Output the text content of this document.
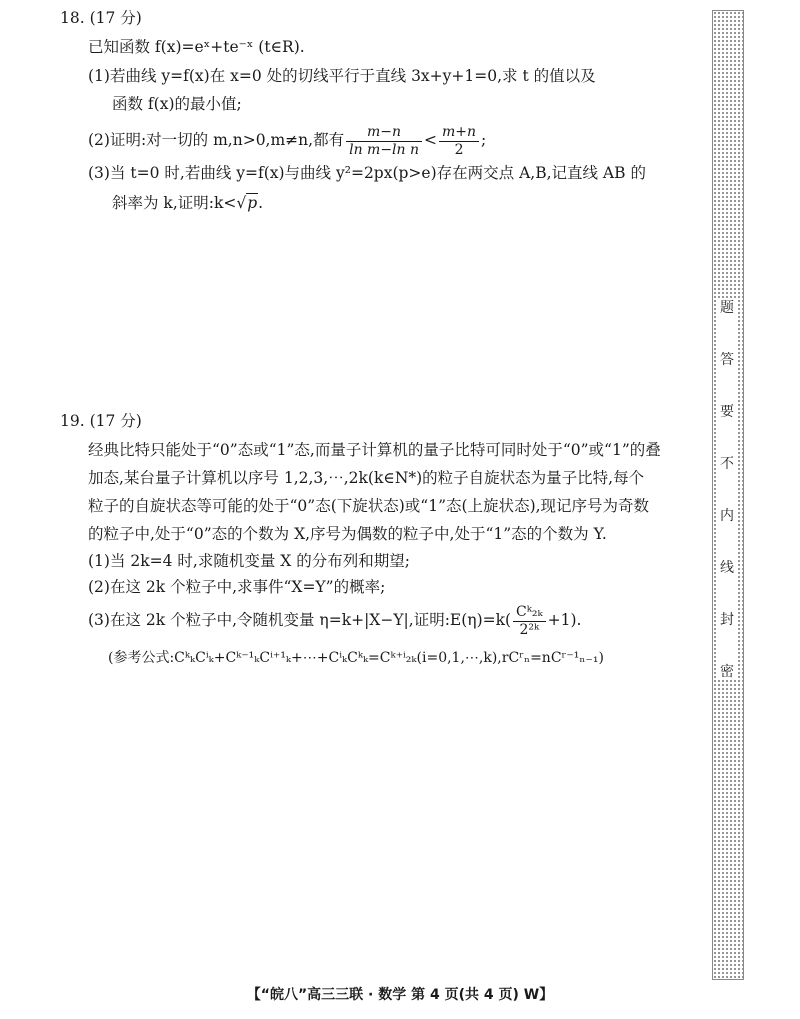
18. (17 分)
已知函数 f(x)=eˣ+te⁻ˣ (t∈R).
(1)若曲线 y=f(x)在 x=0 处的切线平行于直线 3x+y+1=0,求 t 的值以及
函数 f(x)的最小值;
(2)证明:对一切的 m,n>0,m≠n,都有 $\frac{m-n}{\text{ln m−ln n}} < \frac{m+n}{2}$ ;
(3)当 t=0 时,若曲线 y=f(x)与曲线 y²=2px(p>e)存在两交点 A,B,记直线 AB 的
斜率为 k,证明:k<√p.
19. (17 分)
经典比特只能处于“0”态或“1”态,而量子计算机的量子比特可同时处于“0”或“1”的叠
加态,某台量子计算机以序号 1,2,3,⋯,2k(k∈N*)的粒子自旋状态为量子比特,每个
粒子的自旋状态等可能的处于“0”态(下旋状态)或“1”态(上旋状态),现记序号为奇数
的粒子中,处于“0”态的个数为 X,序号为偶数的粒子中,处于“1”态的个数为 Y.
(1)当 2k=4 时,求随机变量 X 的分布列和期望;
(2)在这 2k 个粒子中,求事件“X=Y”的概率;
(3)在这 2k 个粒子中,令随机变量 η=k+|X−Y|,证明:E(η)=k( $\frac{\text{Cᵏ₂ₖ}}{\text{2²ᵏ}} +1$).
(参考公式:CᵏₖCⁱₖ+Cᵏ⁻¹ₖCⁱ⁺¹ₖ+⋯+CⁱₖCᵏₖ=Cᵏ⁺ⁱ₂ₖ(i=0,1,⋯,k),rCʳₙ=nCʳ⁻¹ₙ₋₁)
题
答
要
不
内
线
封
密
【“皖八”高三三联 · 数学 第 4 页(共 4 页) W】
